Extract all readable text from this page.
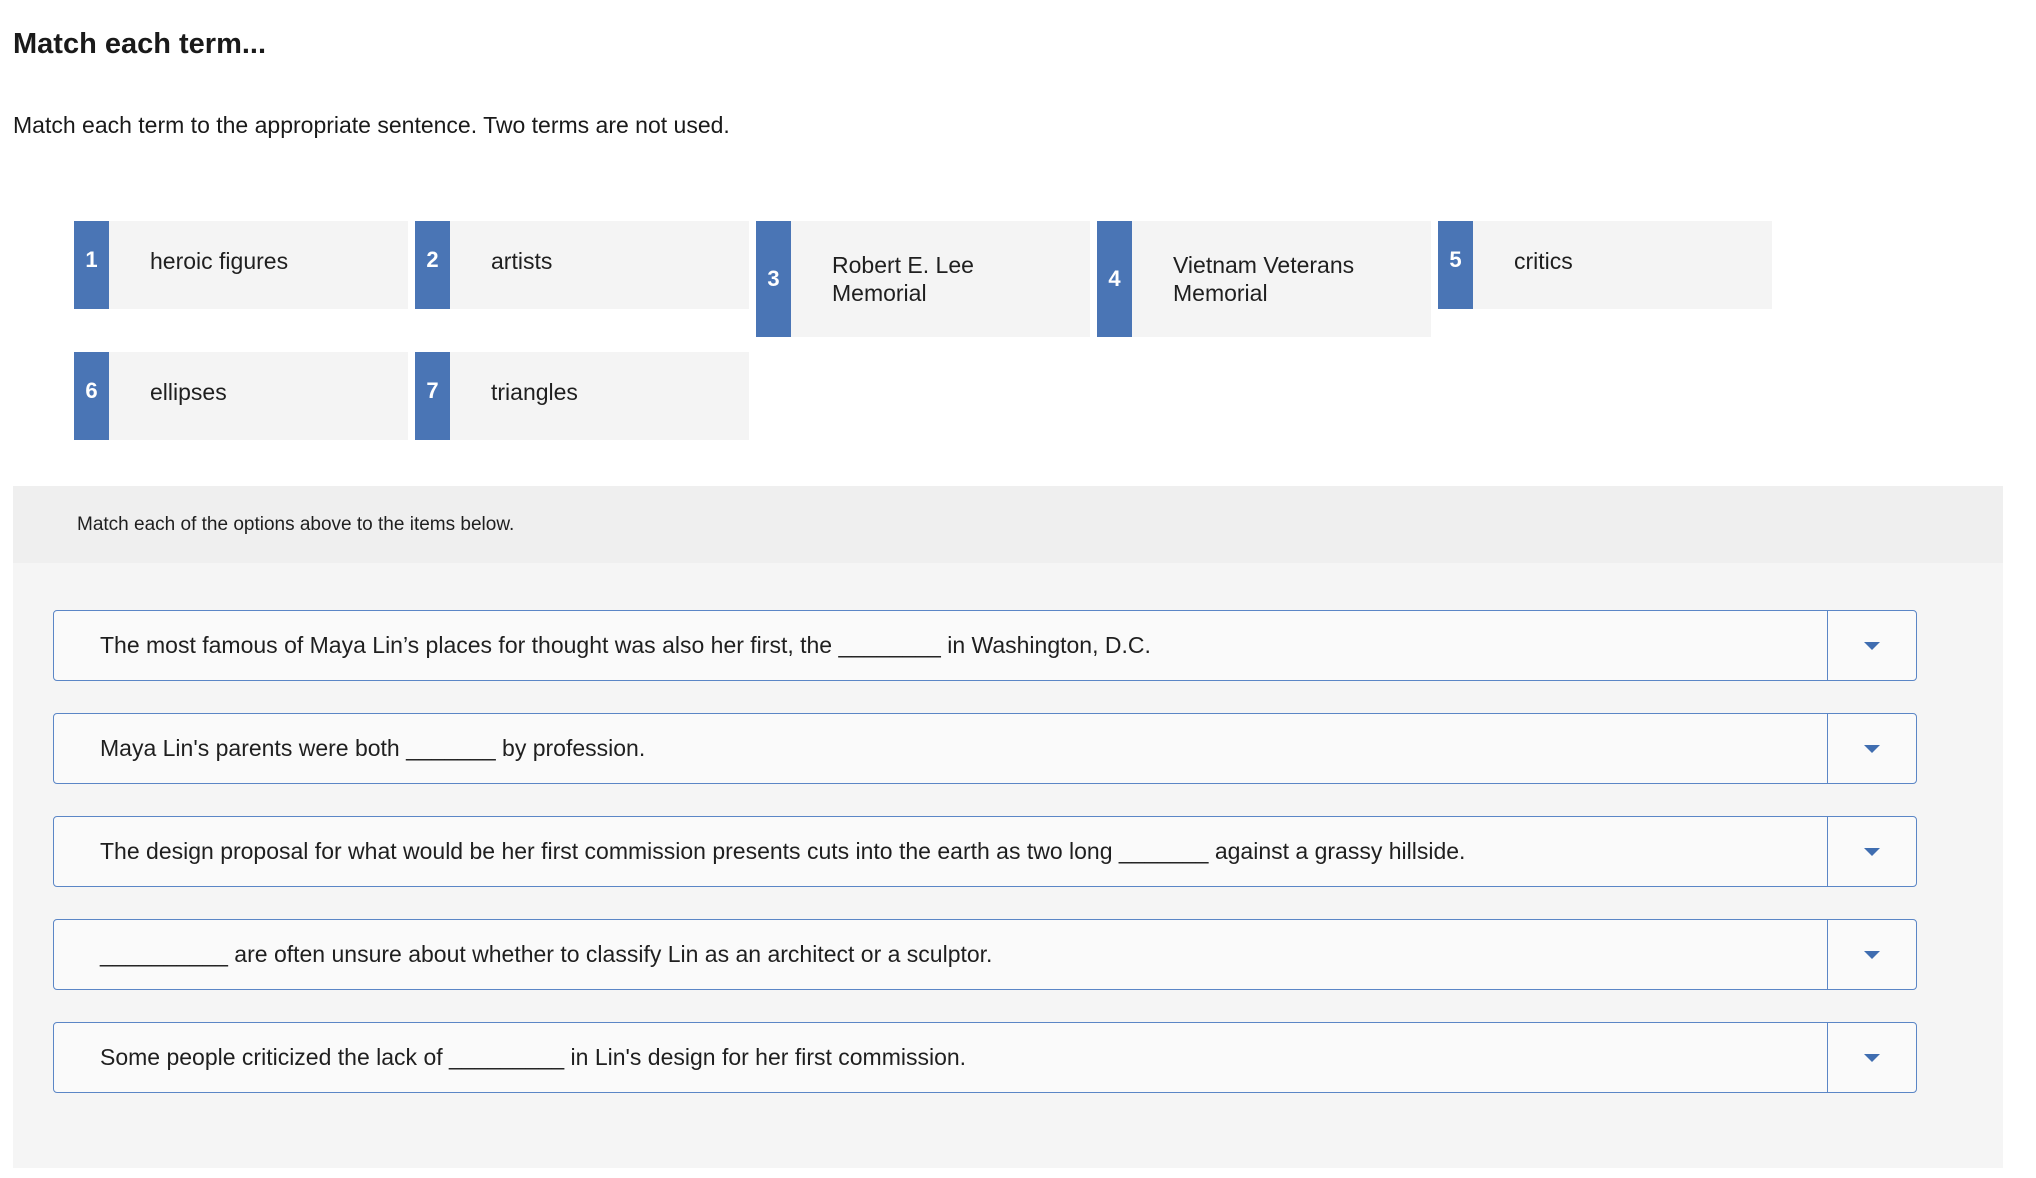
Match each term...

Match each term to the appropriate sentence. Two terms are not used.

1	heroic figures	2	artists
3
Robert E. Lee Memorial
4
Vietnam Veterans Memorial
5	critics
6	ellipses	7	triangles
Match each of the options above to the items below.
The most famous of Maya Lin’s places for thought was also her first, the ________ in Washington, D.C.
Maya Lin's parents were both _______ by profession.
The design proposal for what would be her first commission presents cuts into the earth as two long _______ against a grassy hillside.
__________ are often unsure about whether to classify Lin as an architect or a sculptor.
Some people criticized the lack of _________ in Lin's design for her first commission.
